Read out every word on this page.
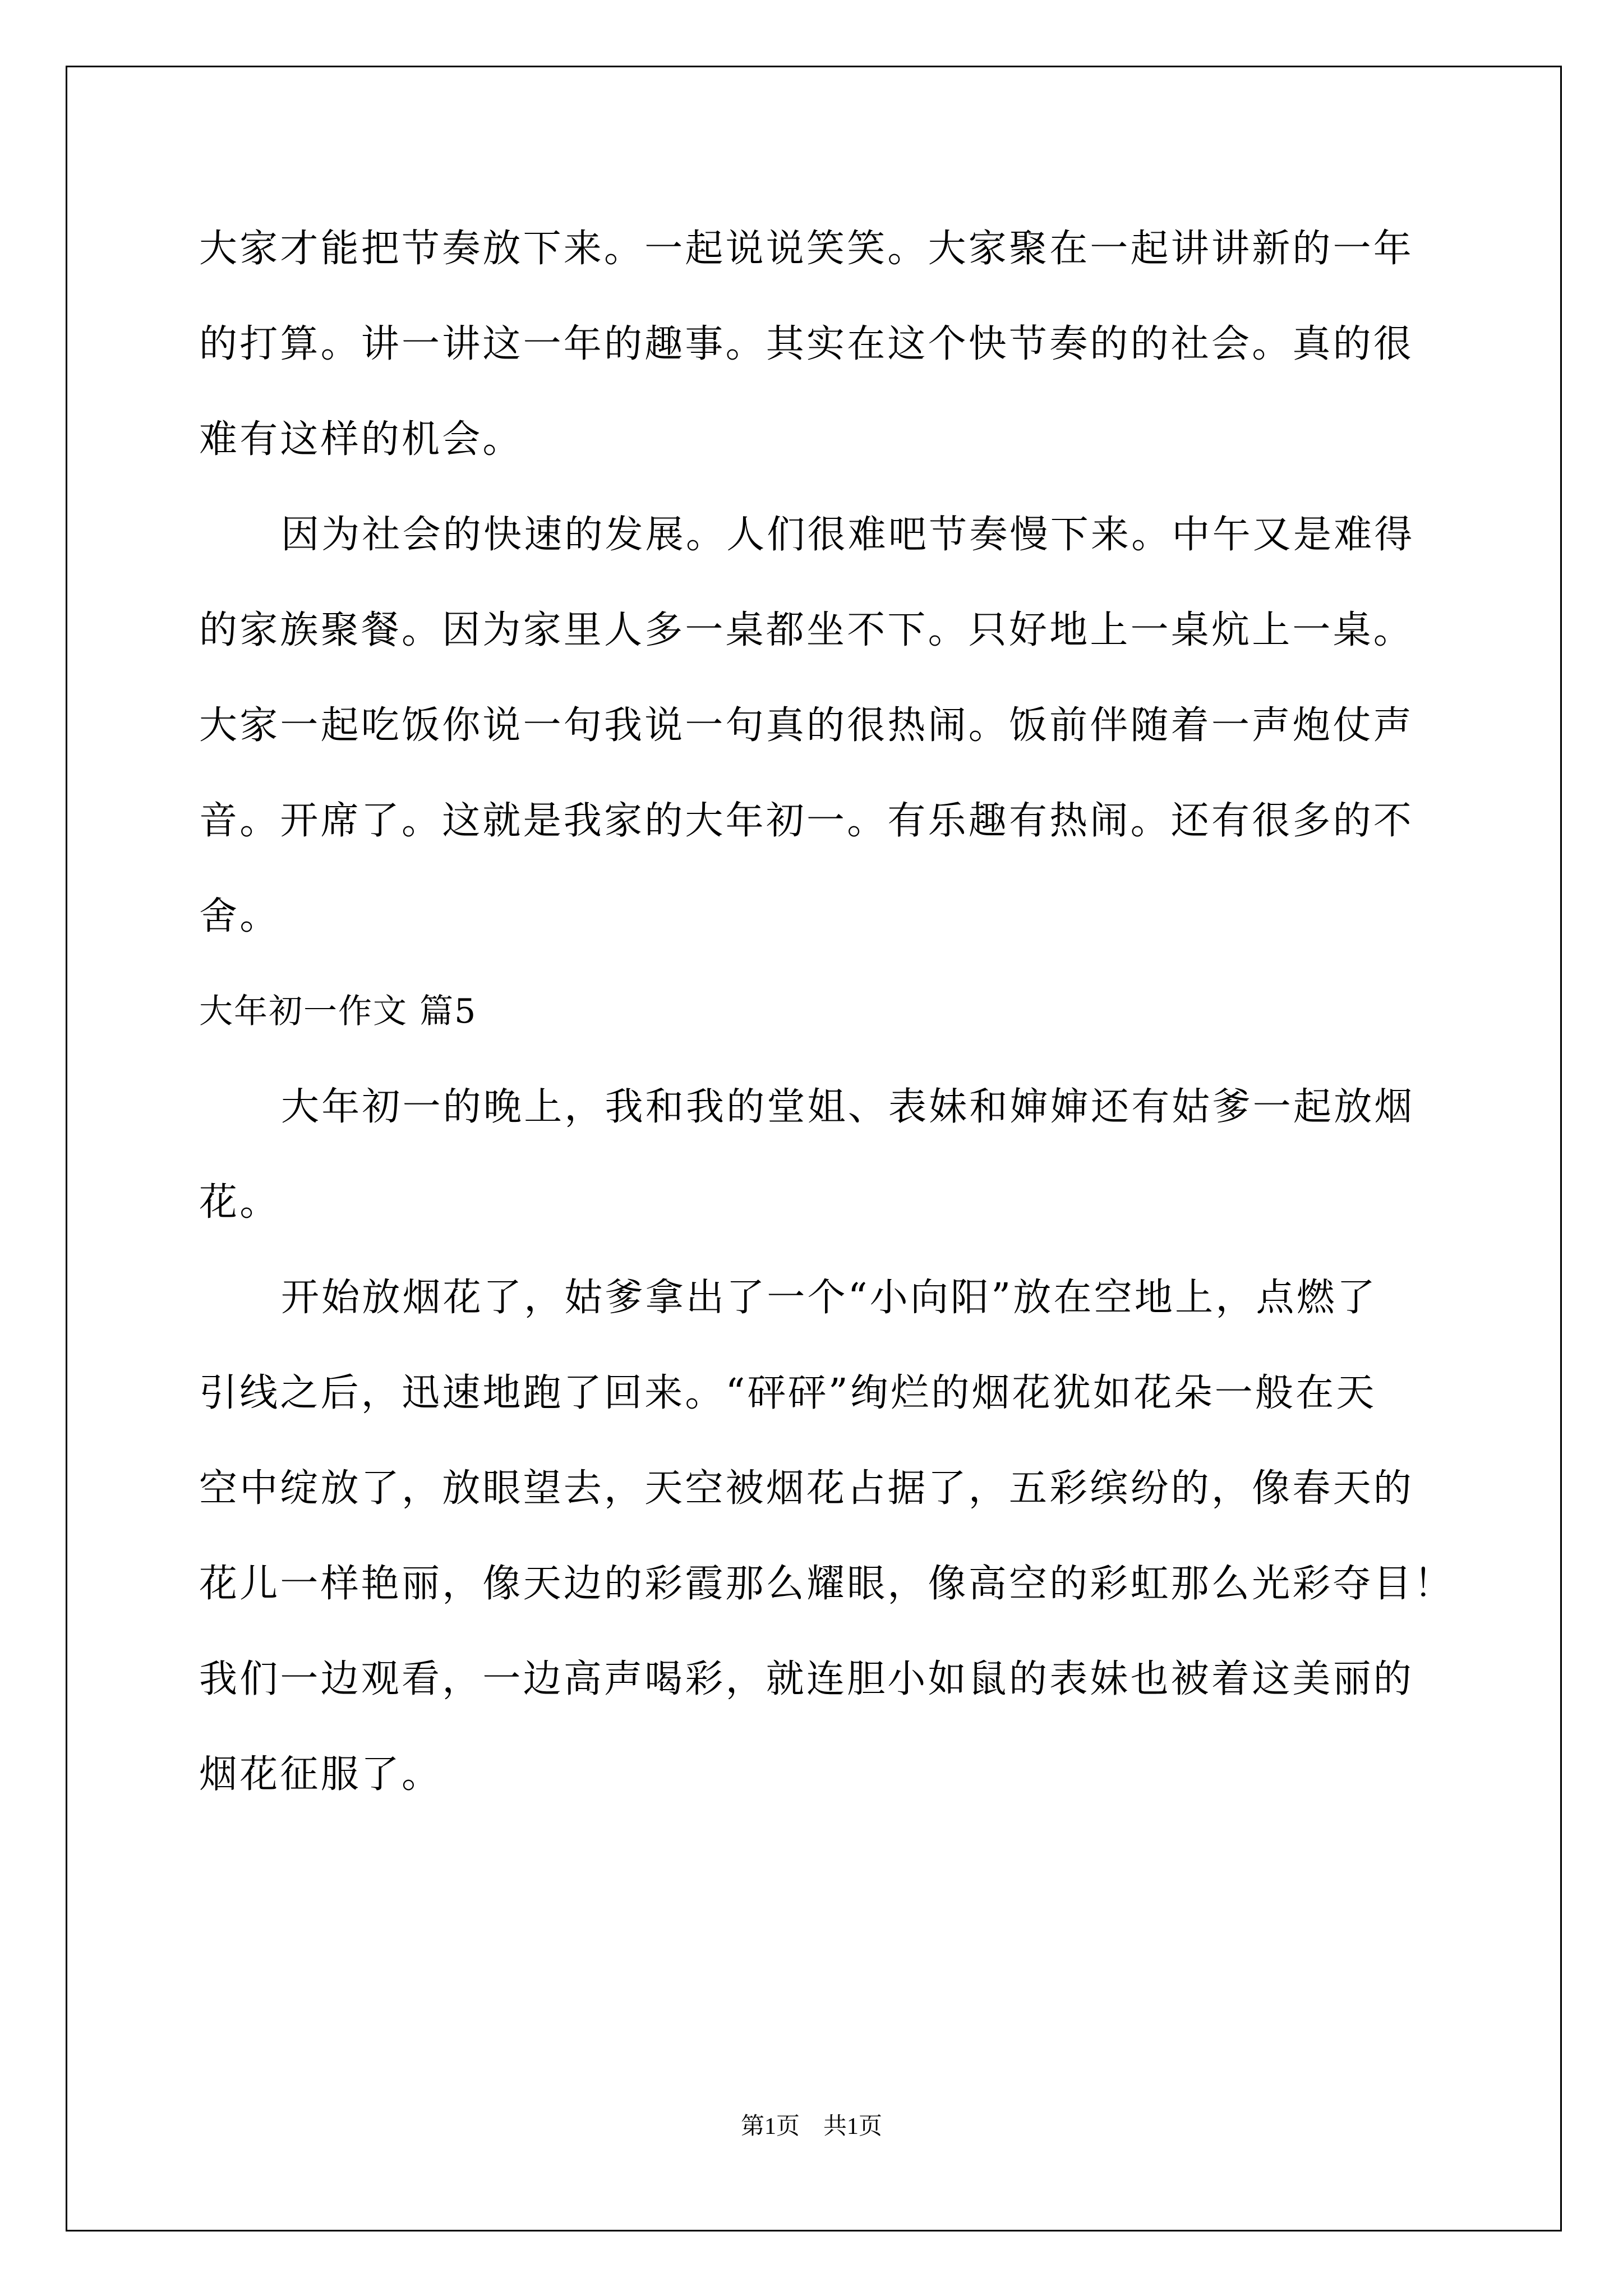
大家才能把节奏放下来。一起说说笑笑。大家聚在一起讲讲新的一年
的打算。讲一讲这一年的趣事。其实在这个快节奏的的社会。真的很
难有这样的机会。
因为社会的快速的发展。人们很难吧节奏慢下来。中午又是难得
的家族聚餐。因为家里人多一桌都坐不下。只好地上一桌炕上一桌。
大家一起吃饭你说一句我说一句真的很热闹。饭前伴随着一声炮仗声
音。开席了。这就是我家的大年初一。有乐趣有热闹。还有很多的不
舍。
大年初一作文 篇5
大年初一的晚上，我和我的堂姐、表妹和婶婶还有姑爹一起放烟
花。
开始放烟花了，姑爹拿出了一个“小向阳”放在空地上，点燃了
引线之后，迅速地跑了回来。“砰砰”绚烂的烟花犹如花朵一般在天
空中绽放了，放眼望去，天空被烟花占据了，五彩缤纷的，像春天的
花儿一样艳丽，像天边的彩霞那么耀眼，像高空的彩虹那么光彩夺目！
我们一边观看，一边高声喝彩，就连胆小如鼠的表妹也被着这美丽的
烟花征服了。
第1页　共1页
